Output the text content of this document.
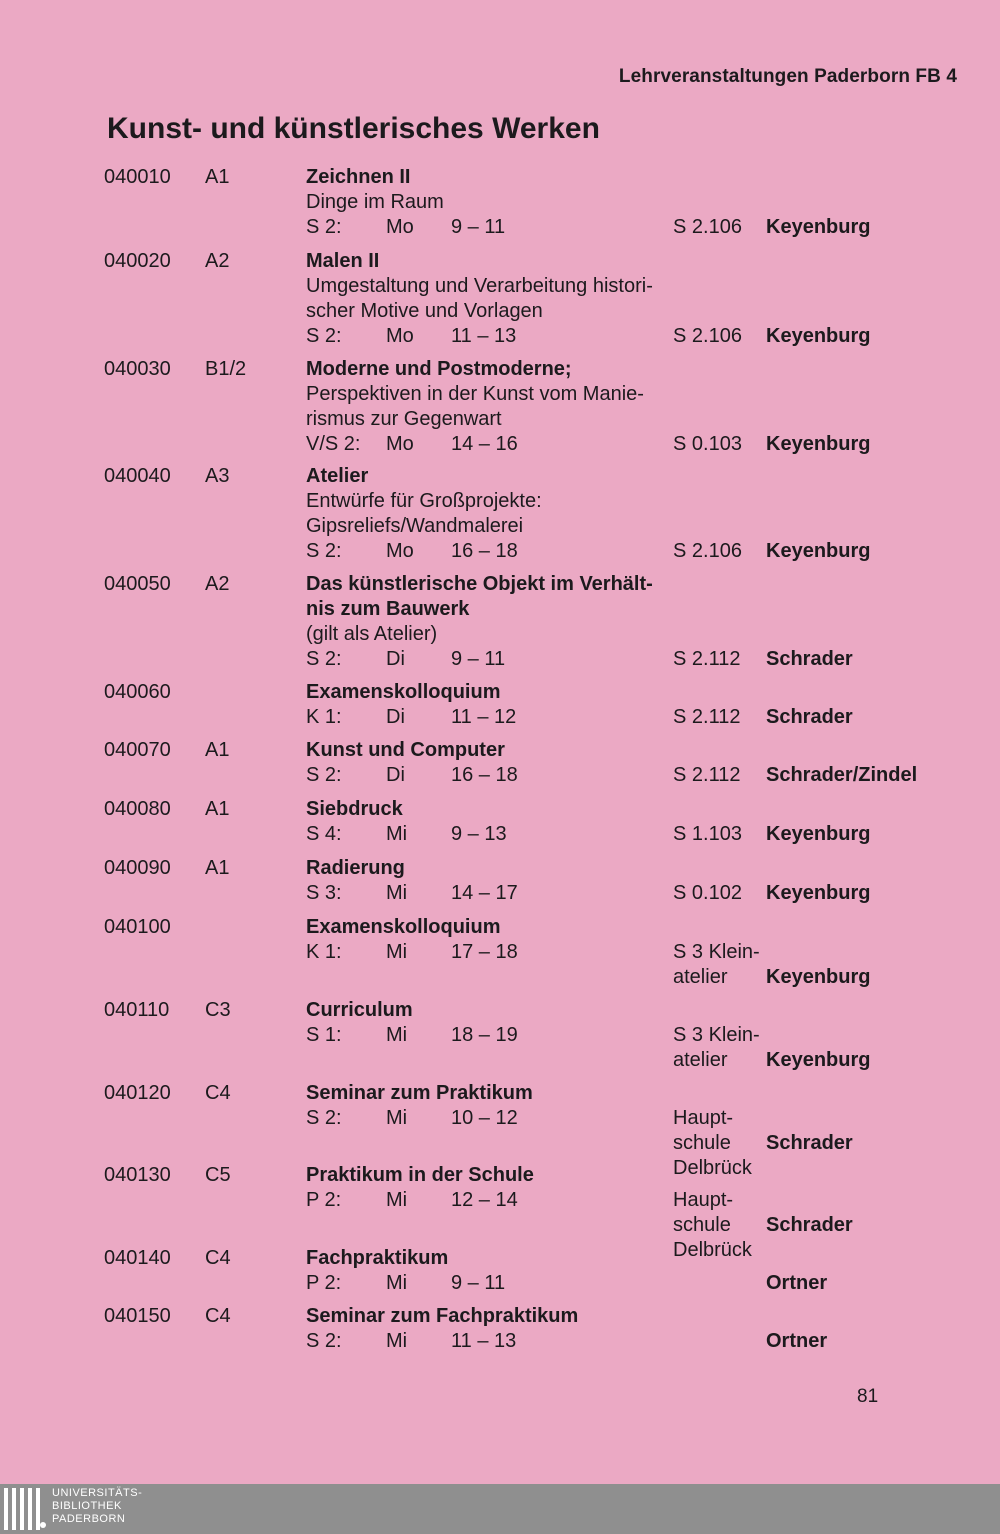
Lehrveranstaltungen Paderborn FB 4
Kunst- und künstlerisches Werken
040010 A1	Zeichnen II
Dinge im Raum
S 2: Mo 9 – 11	S 2.106 Keyenburg
040020 A2	Malen II
Umgestaltung und Verarbeitung histori-
scher Motive und Vorlagen
S 2: Mo 11 – 13	S 2.106 Keyenburg
040030 B1/2	Moderne und Postmoderne;
Perspektiven in der Kunst vom Manie-
rismus zur Gegenwart
V/S 2: Mo 14 – 16	S 0.103 Keyenburg
040040 A3	Atelier
Entwürfe für Großprojekte:
Gipsreliefs/Wandmalerei
S 2: Mo 16 – 18	S 2.106 Keyenburg
040050 A2	Das künstlerische Objekt im Verhält-
nis zum Bauwerk
(gilt als Atelier)
S 2: Di 9 – 11	S 2.112 Schrader
040060	Examenskolloquium
K 1: Di 11 – 12	S 2.112 Schrader
040070 A1	Kunst und Computer
S 2: Di 16 – 18	S 2.112 Schrader/Zindel
040080 A1	Siebdruck
S 4: Mi 9 – 13	S 1.103 Keyenburg
040090 A1	Radierung
S 3: Mi 14 – 17	S 0.102 Keyenburg
040100	Examenskolloquium
K 1: Mi 17 – 18	S 3 Klein-
atelier	Keyenburg
040110 C3	Curriculum
S 1: Mi 18 – 19	S 3 Klein-
atelier	Keyenburg
040120 C4	Seminar zum Praktikum
S 2: Mi 10 – 12	Haupt-
schule
Delbrück
Schrader
040130 C5	Praktikum in der Schule
P 2: Mi 12 – 14	Haupt-
schule
Delbrück
Schrader
040140 C4	Fachpraktikum
P 2: Mi 9 – 11	Ortner
040150 C4	Seminar zum Fachpraktikum
S 2: Mi 11 – 13	Ortner
81
UNIVERSITÄTS-
BIBLIOTHEK
PADERBORN
